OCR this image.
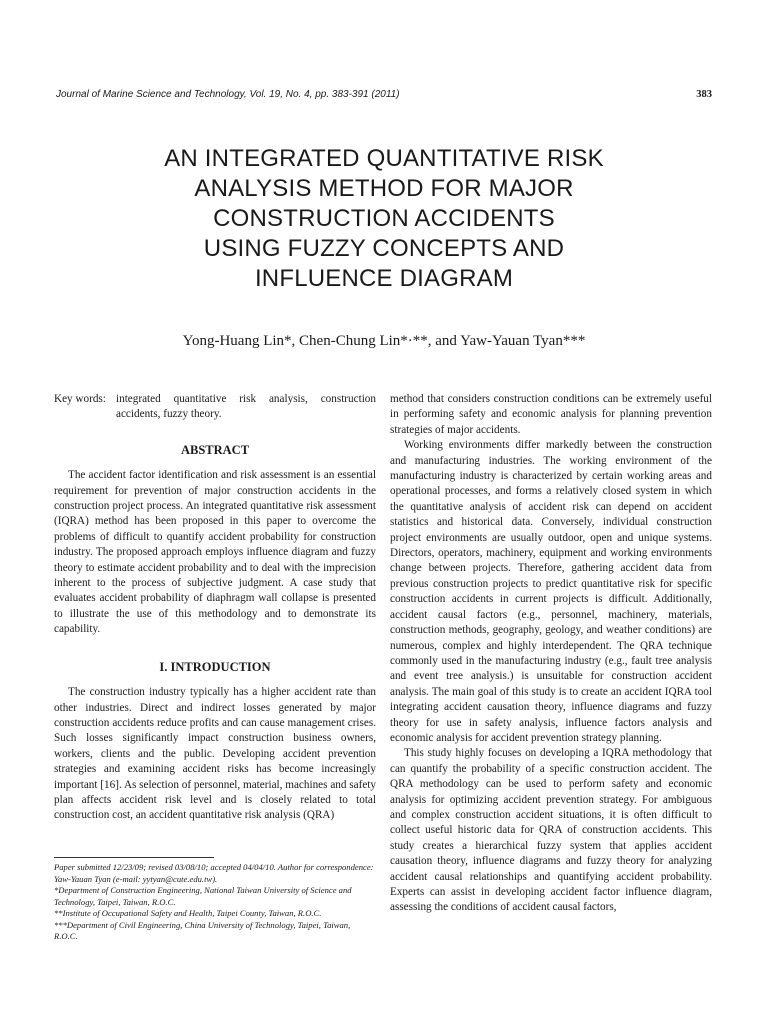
Journal of Marine Science and Technology, Vol. 19, No. 4, pp. 383-391 (2011)	383
AN INTEGRATED QUANTITATIVE RISK
ANALYSIS METHOD FOR MAJOR
CONSTRUCTION ACCIDENTS
USING FUZZY CONCEPTS AND
INFLUENCE DIAGRAM
Yong-Huang Lin*, Chen-Chung Lin*·**, and Yaw-Yauan Tyan***
Key words: integrated quantitative risk analysis, construction accidents, fuzzy theory.
ABSTRACT

The accident factor identification and risk assessment is an essential requirement for prevention of major construction accidents in the construction project process. An integrated quantitative risk assessment (IQRA) method has been proposed in this paper to overcome the problems of difficult to quantify accident probability for construction industry. The proposed approach employs influence diagram and fuzzy theory to estimate accident probability and to deal with the imprecision inherent to the process of subjective judgment. A case study that evaluates accident probability of diaphragm wall collapse is presented to illustrate the use of this methodology and to demonstrate its capability.

I. INTRODUCTION

The construction industry typically has a higher accident rate than other industries. Direct and indirect losses generated by major construction accidents reduce profits and can cause management crises. Such losses significantly impact construction business owners, workers, clients and the public. Developing accident prevention strategies and examining accident risks has become increasingly important [16]. As selection of personnel, material, machines and safety plan affects accident risk level and is closely related to total construction cost, an accident quantitative risk analysis (QRA)

Paper submitted 12/23/09; revised 03/08/10; accepted 04/04/10. Author for correspondence: Yaw-Yauan Tyan (e-mail: yytyan@cute.edu.tw).
*Department of Construction Engineering, National Taiwan University of Science and Technology, Taipei, Taiwan, R.O.C.
**Institute of Occupational Safety and Health, Taipei County, Taiwan, R.O.C.
***Department of Civil Engineering, China University of Technology, Taipei, Taiwan, R.O.C.

method that considers construction conditions can be extremely useful in performing safety and economic analysis for planning prevention strategies of major accidents.

Working environments differ markedly between the construction and manufacturing industries. The working environment of the manufacturing industry is characterized by certain working areas and operational processes, and forms a relatively closed system in which the quantitative analysis of accident risk can depend on accident statistics and historical data. Conversely, individual construction project environments are usually outdoor, open and unique systems. Directors, operators, machinery, equipment and working environments change between projects. Therefore, gathering accident data from previous construction projects to predict quantitative risk for specific construction accidents in current projects is difficult. Additionally, accident causal factors (e.g., personnel, machinery, materials, construction methods, geography, geology, and weather conditions) are numerous, complex and highly interdependent. The QRA technique commonly used in the manufacturing industry (e.g., fault tree analysis and event tree analysis.) is unsuitable for construction accident analysis. The main goal of this study is to create an accident IQRA tool integrating accident causation theory, influence diagrams and fuzzy theory for use in safety analysis, influence factors analysis and economic analysis for accident prevention strategy planning.

This study highly focuses on developing a IQRA methodology that can quantify the probability of a specific construction accident. The QRA methodology can be used to perform safety and economic analysis for optimizing accident prevention strategy. For ambiguous and complex construction accident situations, it is often difficult to collect useful historic data for QRA of construction accidents. This study creates a hierarchical fuzzy system that applies accident causation theory, influence diagrams and fuzzy theory for analyzing accident causal relationships and quantifying accident probability. Experts can assist in developing accident factor influence diagram, assessing the conditions of accident causal factors,
